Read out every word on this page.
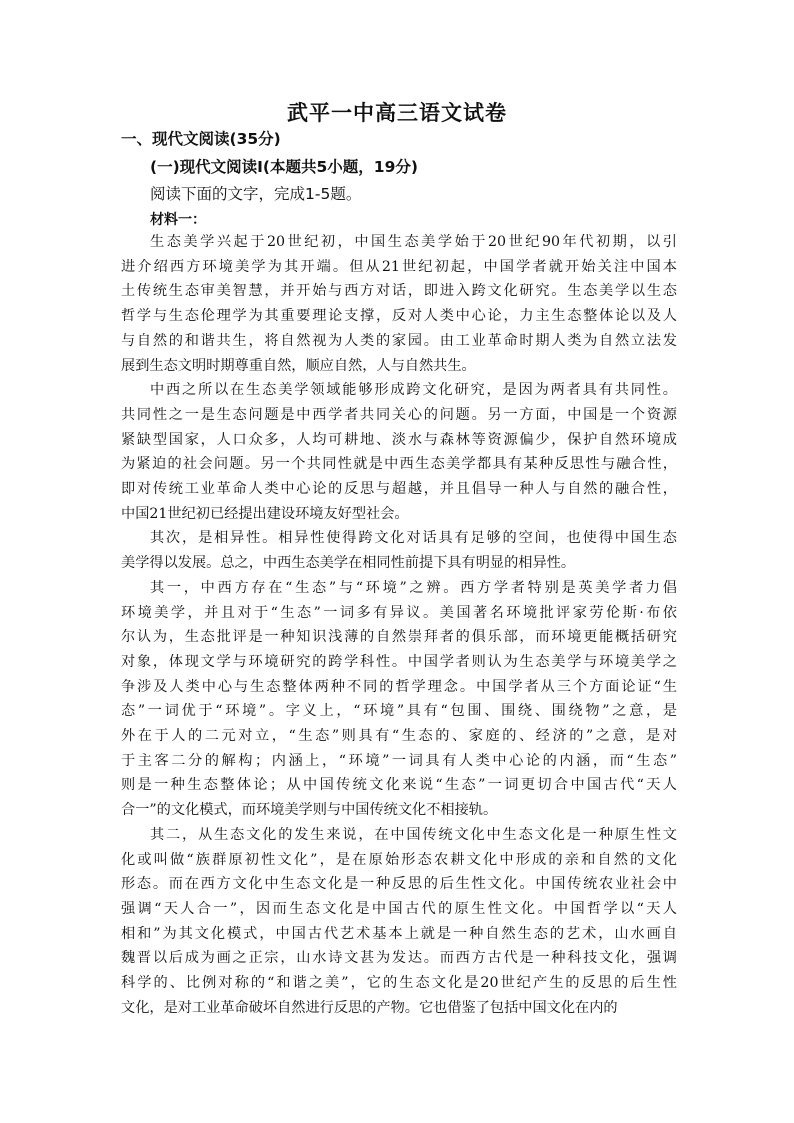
武平一中高三语文试卷
一、现代文阅读(35分)
(一)现代文阅读Ⅰ(本题共5小题，19分)
阅读下面的文字，完成1-5题。
材料一：
生态美学兴起于20世纪初，中国生态美学始于20世纪90年代初期，以引
进介绍西方环境美学为其开端。但从21世纪初起，中国学者就开始关注中国本
土传统生态审美智慧，并开始与西方对话，即进入跨文化研究。生态美学以生态
哲学与生态伦理学为其重要理论支撑，反对人类中心论，力主生态整体论以及人
与自然的和谐共生，将自然视为人类的家园。由工业革命时期人类为自然立法发
展到生态文明时期尊重自然，顺应自然，人与自然共生。
中西之所以在生态美学领域能够形成跨文化研究，是因为两者具有共同性。
共同性之一是生态问题是中西学者共同关心的问题。另一方面，中国是一个资源
紧缺型国家，人口众多，人均可耕地、淡水与森林等资源偏少，保护自然环境成
为紧迫的社会问题。另一个共同性就是中西生态美学都具有某种反思性与融合性，
即对传统工业革命人类中心论的反思与超越，并且倡导一种人与自然的融合性，
中国21世纪初已经提出建设环境友好型社会。
其次，是相异性。相异性使得跨文化对话具有足够的空间，也使得中国生态
美学得以发展。总之，中西生态美学在相同性前提下具有明显的相异性。
其一，中西方存在“生态”与“环境”之辨。西方学者特别是英美学者力倡
环境美学，并且对于“生态”一词多有异议。美国著名环境批评家劳伦斯·布依
尔认为，生态批评是一种知识浅薄的自然崇拜者的俱乐部，而环境更能概括研究
对象，体现文学与环境研究的跨学科性。中国学者则认为生态美学与环境美学之
争涉及人类中心与生态整体两种不同的哲学理念。中国学者从三个方面论证“生
态”一词优于“环境”。字义上，“环境”具有“包围、围绕、围绕物”之意，是
外在于人的二元对立，“生态”则具有“生态的、家庭的、经济的”之意，是对
于主客二分的解构；内涵上，“环境”一词具有人类中心论的内涵，而“生态”
则是一种生态整体论；从中国传统文化来说“生态”一词更切合中国古代“天人
合一”的文化模式，而环境美学则与中国传统文化不相接轨。
其二，从生态文化的发生来说，在中国传统文化中生态文化是一种原生性文
化或叫做“族群原初性文化”，是在原始形态农耕文化中形成的亲和自然的文化
形态。而在西方文化中生态文化是一种反思的后生性文化。中国传统农业社会中
强调“天人合一”，因而生态文化是中国古代的原生性文化。中国哲学以“天人
相和”为其文化模式，中国古代艺术基本上就是一种自然生态的艺术，山水画自
魏晋以后成为画之正宗，山水诗文甚为发达。而西方古代是一种科技文化，强调
科学的、比例对称的“和谐之美”，它的生态文化是20世纪产生的反思的后生性
文化，是对工业革命破坏自然进行反思的产物。它也借鉴了包括中国文化在内的
